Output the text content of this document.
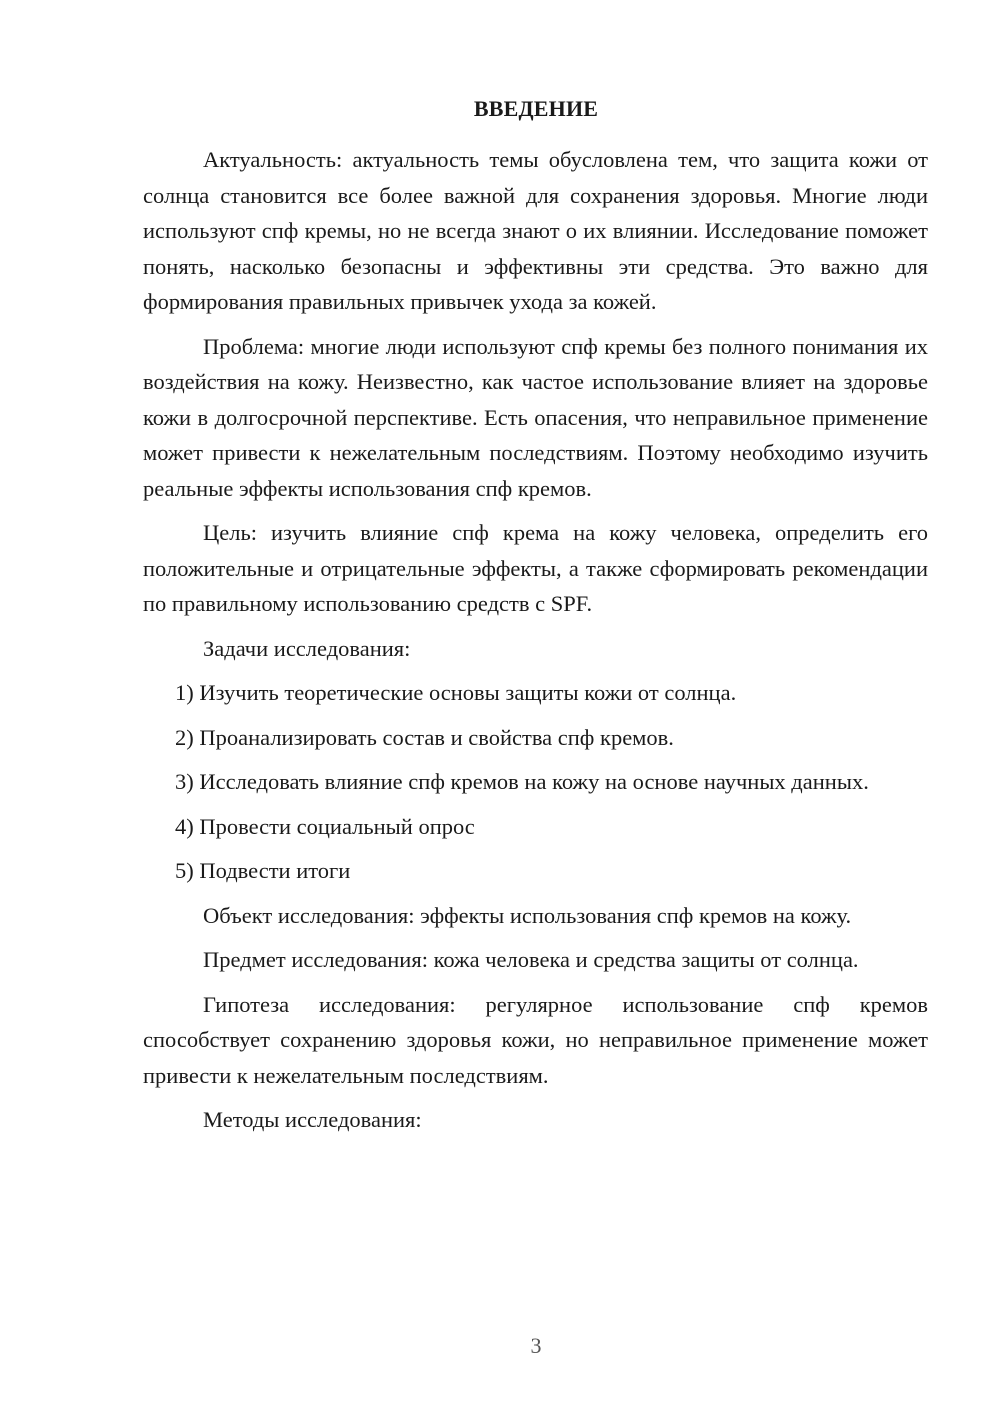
ВВЕДЕНИЕ

Актуальность: актуальность темы обусловлена тем, что защита кожи от солнца становится все более важной для сохранения здоровья. Многие люди используют спф кремы, но не всегда знают о их влиянии. Исследование поможет понять, насколько безопасны и эффективны эти средства. Это важно для формирования правильных привычек ухода за кожей.

Проблема: многие люди используют спф кремы без полного понимания их воздействия на кожу. Неизвестно, как частое использование влияет на здоровье кожи в долгосрочной перспективе. Есть опасения, что неправильное применение может привести к нежелательным последствиям. Поэтому необходимо изучить реальные эффекты использования спф кремов.

Цель: изучить влияние спф крема на кожу человека, определить его положительные и отрицательные эффекты, а также сформировать рекомендации по правильному использованию средств с SPF.

Задачи исследования:

1) Изучить теоретические основы защиты кожи от солнца.

2) Проанализировать состав и свойства спф кремов.

3) Исследовать влияние спф кремов на кожу на основе научных данных.

4) Провести социальный опрос

5) Подвести итоги

Объект исследования: эффекты использования спф кремов на кожу.

Предмет исследования: кожа человека и средства защиты от солнца.

Гипотеза исследования: регулярное использование спф кремов способствует сохранению здоровья кожи, но неправильное применение может привести к нежелательным последствиям.

Методы исследования:

3
